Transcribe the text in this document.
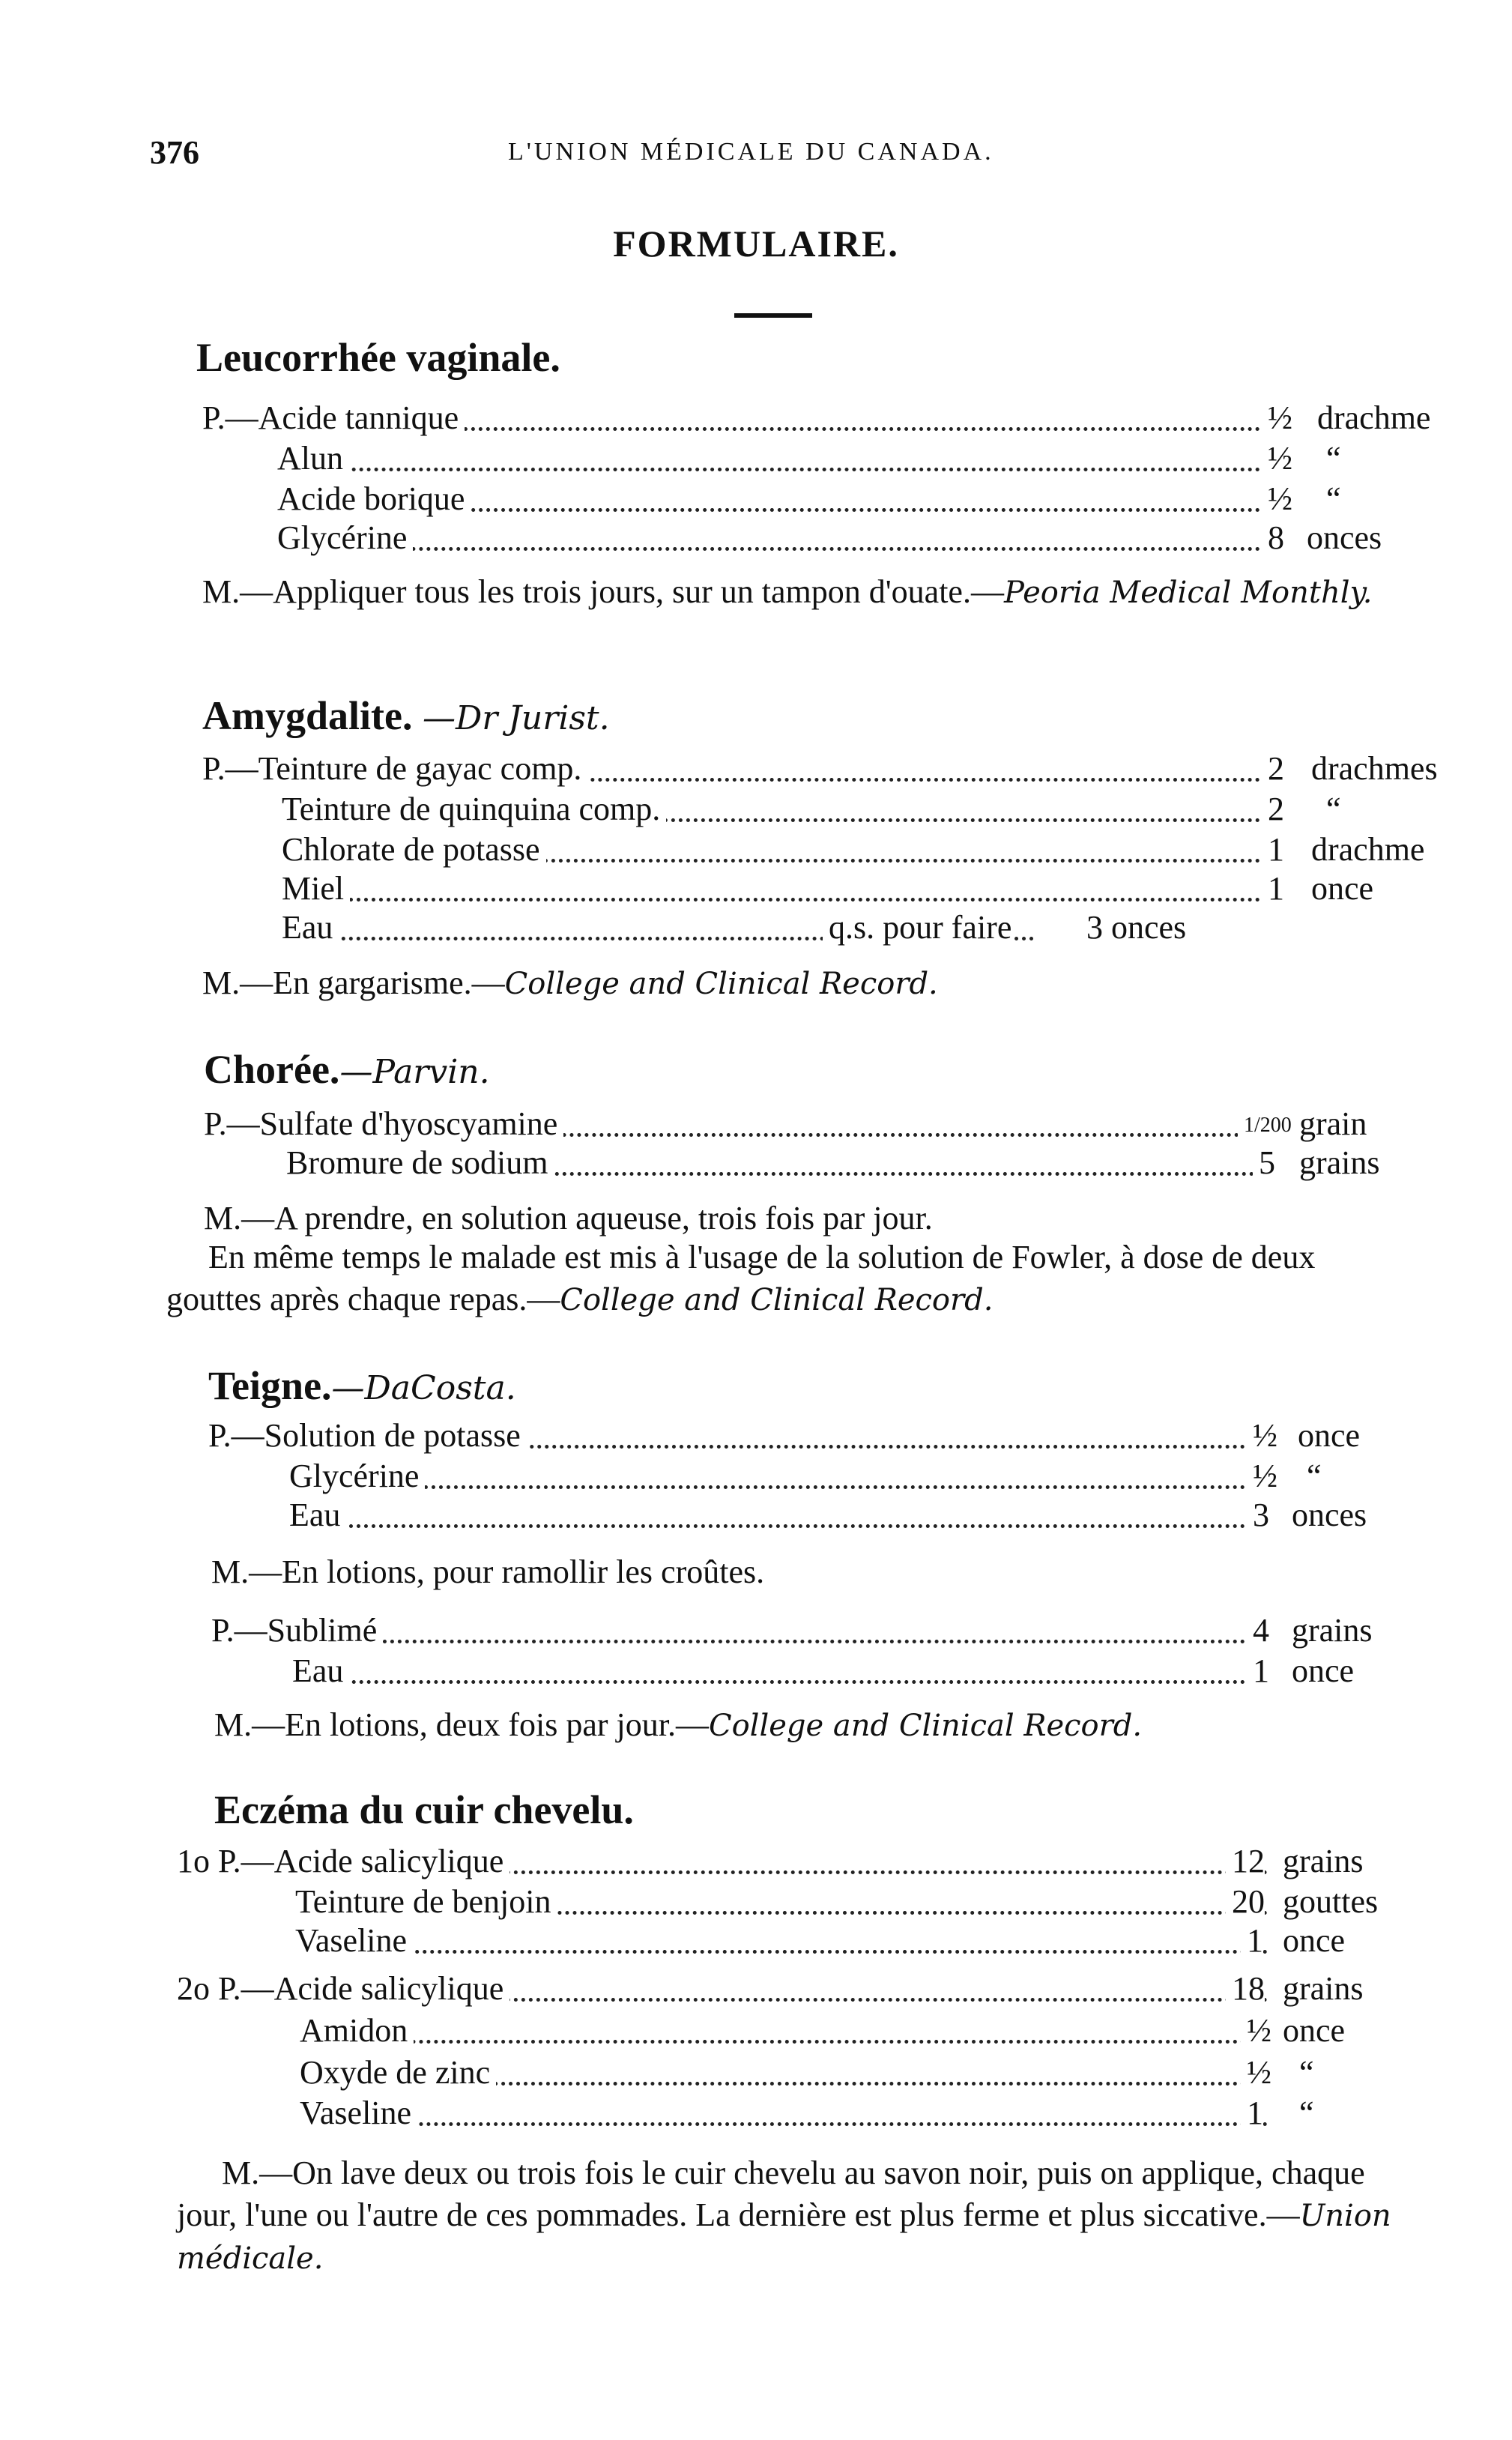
376	L'UNION MÉDICALE DU CANADA.
FORMULAIRE.
Leucorrhée vaginale.
P.—Acide tannique	½ drachme
Alun	½ “
Acide borique	½ “
Glycérine	8 onces
M.—Appliquer tous les trois jours, sur un tampon d'ouate.—Peoria Medical Monthly.
Amygdalite. —Dr Jurist.
P.—Teinture de gayac comp.	2 drachmes
Teinture de quinquina comp.	2 “
Chlorate de potasse	1 drachme
Miel	1 once
Eau	q.s. pour faire 3 onces
M.—En gargarisme.—College and Clinical Record.
Chorée.—Parvin.
P.—Sulfate d'hyoscyamine	1/200 grain
Bromure de sodium	5 grains
M.—A prendre, en solution aqueuse, trois fois par jour.
En même temps le malade est mis à l'usage de la solution de Fowler, à dose de deux gouttes après chaque repas.—College and Clinical Record.
Teigne.—DaCosta.
P.—Solution de potasse	½ once
Glycérine	½ “
Eau	3 onces
M.—En lotions, pour ramollir les croûtes.
P.—Sublimé	4 grains
Eau	1 once
M.—En lotions, deux fois par jour.—College and Clinical Record.
Eczéma du cuir chevelu.
1o P.—Acide salicylique	12 grains
Teinture de benjoin	20 gouttes
Vaseline	1 once
2o P.—Acide salicylique	18 grains
Amidon	½ once
Oxyde de zinc	½ “
Vaseline	1 “
M.—On lave deux ou trois fois le cuir chevelu au savon noir, puis on applique, chaque jour, l'une ou l'autre de ces pommades. La dernière est plus ferme et plus siccative.—Union médicale.
